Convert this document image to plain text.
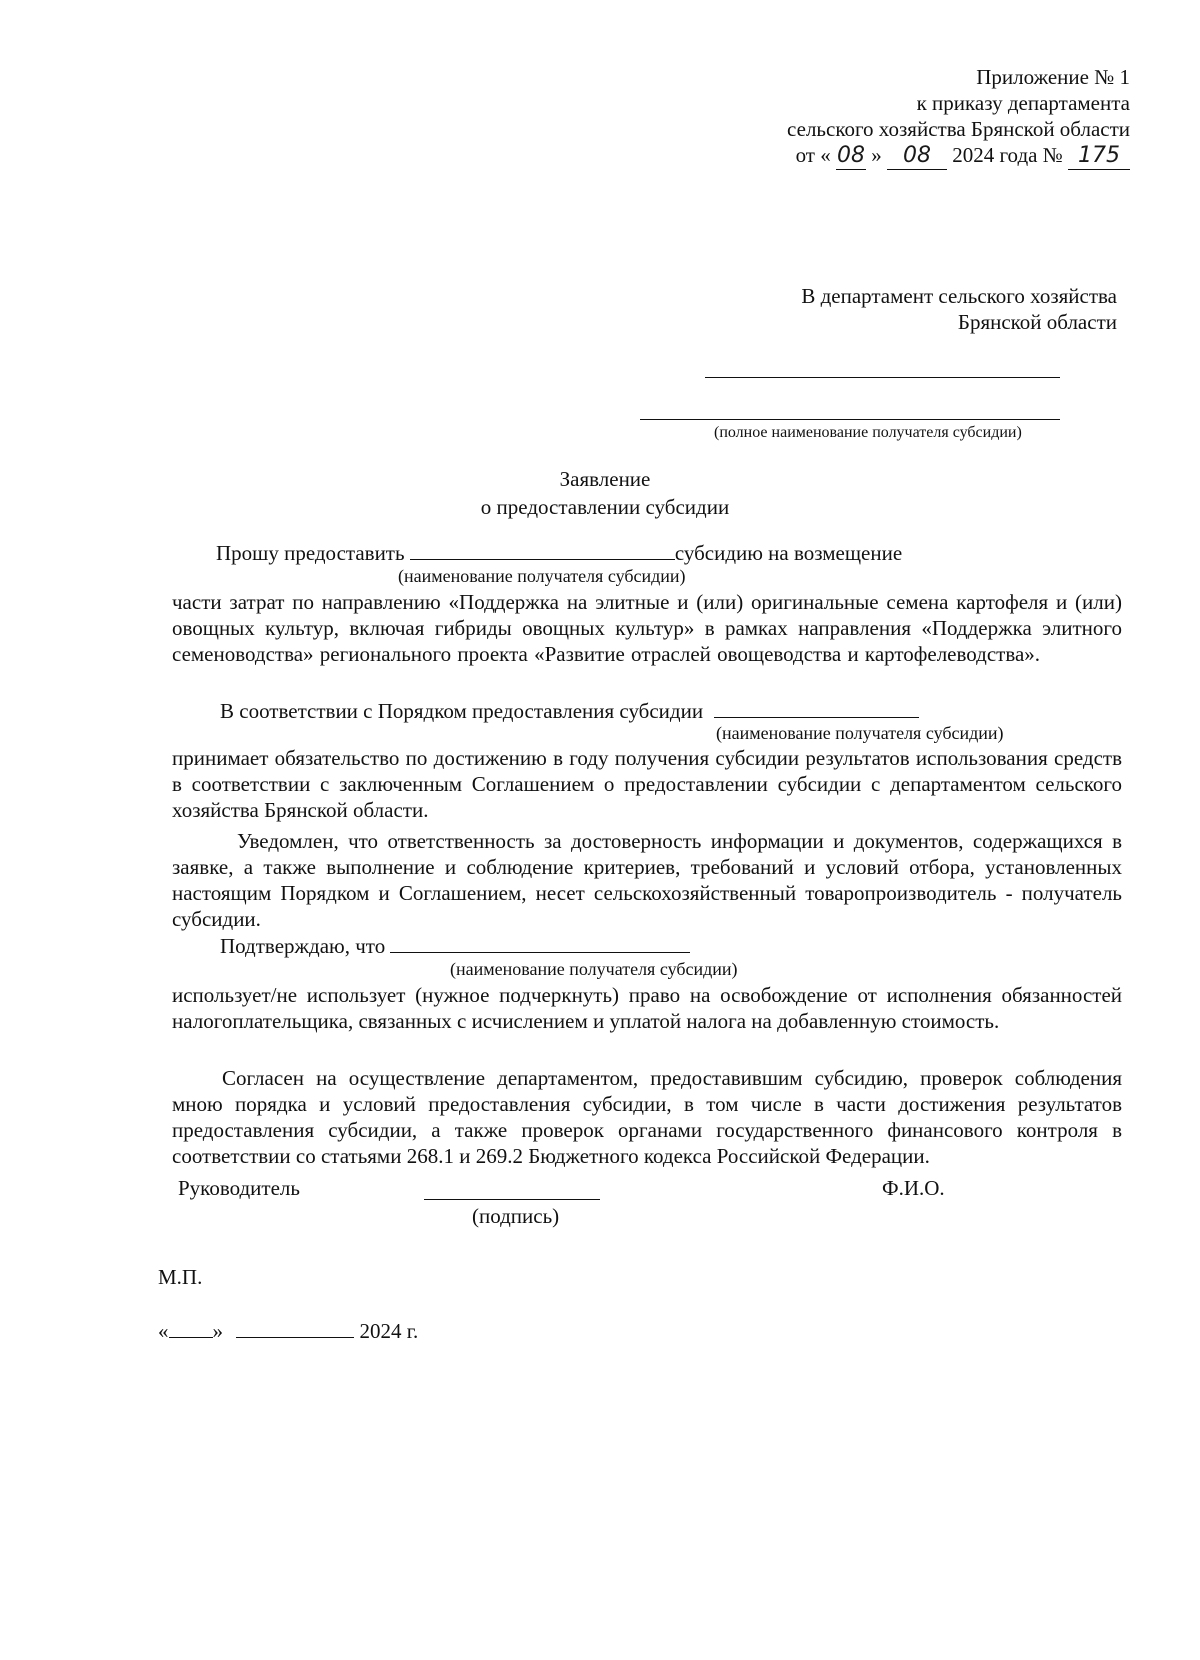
Приложение № 1
к приказу департамента
сельского хозяйства Брянской области
от « 08 » 08 2024 года № 175
В департамент сельского хозяйства
Брянской области
(полное наименование получателя субсидии)
Заявление
о предоставлении субсидии
Прошу предоставить	субсидию на возмещение
(наименование получателя субсидии)
части затрат по направлению «Поддержка на элитные и (или) оригинальные семена картофеля и (или) овощных культур, включая гибриды овощных культур» в рамках направления «Поддержка элитного семеноводства» регионального проекта «Развитие отраслей овощеводства и картофелеводства».
В соответствии с Порядком предоставления субсидии
(наименование получателя субсидии)
принимает обязательство по достижению в году получения субсидии результатов использования средств в соответствии с заключенным Соглашением о предоставлении субсидии с департаментом сельского хозяйства Брянской области.
Уведомлен, что ответственность за достоверность информации и документов, содержащихся в заявке, а также выполнение и соблюдение критериев, требований и условий отбора, установленных настоящим Порядком и Соглашением, несет сельскохозяйственный товаропроизводитель - получатель субсидии.
Подтверждаю, что
(наименование получателя субсидии)
использует/не использует (нужное подчеркнуть) право на освобождение от исполнения обязанностей налогоплательщика, связанных с исчислением и уплатой налога на добавленную стоимость.
Согласен на осуществление департаментом, предоставившим субсидию, проверок соблюдения мною порядка и условий предоставления субсидии, в том числе в части достижения результатов предоставления субсидии, а также проверок органами государственного финансового контроля в соответствии со статьями 268.1 и 269.2 Бюджетного кодекса Российской Федерации.
Руководитель
(подпись)
Ф.И.О.
М.П.
« »	2024 г.
